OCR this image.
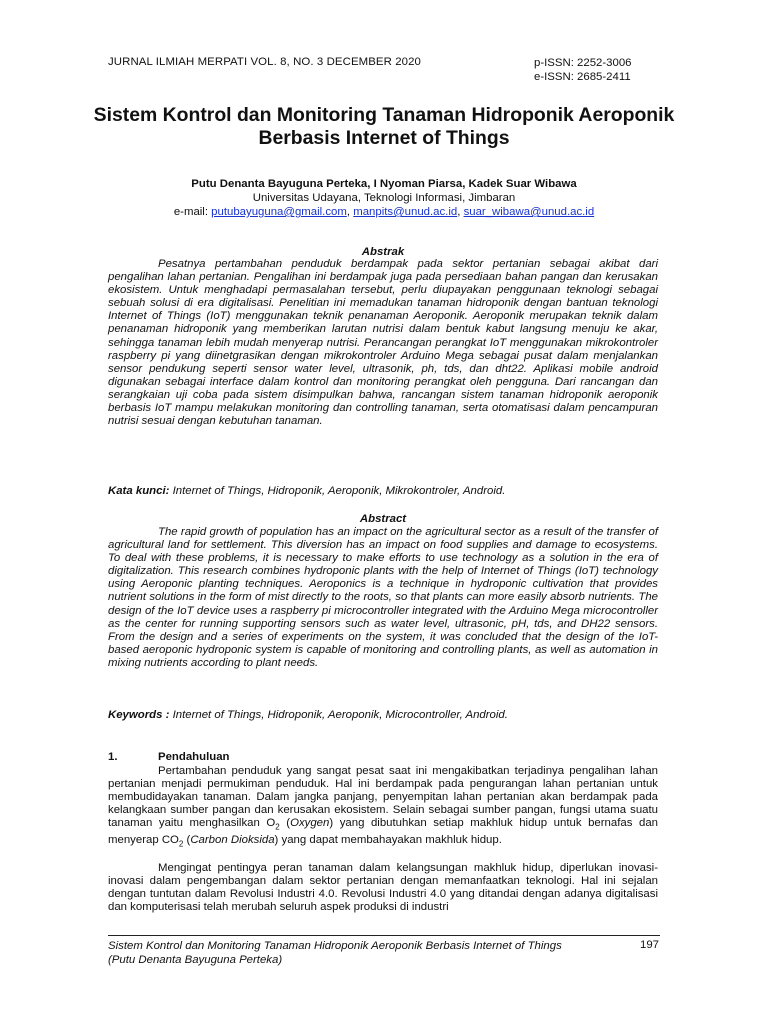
JURNAL ILMIAH MERPATI VOL. 8, NO. 3 DECEMBER 2020	p-ISSN: 2252-3006
e-ISSN: 2685-2411
Sistem Kontrol dan Monitoring Tanaman Hidroponik Aeroponik Berbasis Internet of Things
Putu Denanta Bayuguna Perteka, I Nyoman Piarsa, Kadek Suar Wibawa
Universitas Udayana, Teknologi Informasi, Jimbaran
e-mail: putubayuguna@gmail.com, manpits@unud.ac.id, suar_wibawa@unud.ac.id
Abstrak

Pesatnya pertambahan penduduk berdampak pada sektor pertanian sebagai akibat dari pengalihan lahan pertanian. Pengalihan ini berdampak juga pada persediaan bahan pangan dan kerusakan ekosistem. Untuk menghadapi permasalahan tersebut, perlu diupayakan penggunaan teknologi sebagai sebuah solusi di era digitalisasi. Penelitian ini memadukan tanaman hidroponik dengan bantuan teknologi Internet of Things (IoT) menggunakan teknik penanaman Aeroponik. Aeroponik merupakan teknik dalam penanaman hidroponik yang memberikan larutan nutrisi dalam bentuk kabut langsung menuju ke akar, sehingga tanaman lebih mudah menyerap nutrisi. Perancangan perangkat IoT menggunakan mikrokontroler raspberry pi yang diinetgrasikan dengan mikrokontroler Arduino Mega sebagai pusat dalam menjalankan sensor pendukung seperti sensor water level, ultrasonik, ph, tds, dan dht22. Aplikasi mobile android digunakan sebagai interface dalam kontrol dan monitoring perangkat oleh pengguna. Dari rancangan dan serangkaian uji coba pada sistem disimpulkan bahwa, rancangan sistem tanaman hidroponik aeroponik berbasis IoT mampu melakukan monitoring dan controlling tanaman, serta otomatisasi dalam pencampuran nutrisi sesuai dengan kebutuhan tanaman.

Kata kunci: Internet of Things, Hidroponik, Aeroponik, Mikrokontroler, Android.
Abstract

The rapid growth of population has an impact on the agricultural sector as a result of the transfer of agricultural land for settlement. This diversion has an impact on food supplies and damage to ecosystems. To deal with these problems, it is necessary to make efforts to use technology as a solution in the era of digitalization. This research combines hydroponic plants with the help of Internet of Things (IoT) technology using Aeroponic planting techniques. Aeroponics is a technique in hydroponic cultivation that provides nutrient solutions in the form of mist directly to the roots, so that plants can more easily absorb nutrients. The design of the IoT device uses a raspberry pi microcontroller integrated with the Arduino Mega microcontroller as the center for running supporting sensors such as water level, ultrasonic, pH, tds, and DH22 sensors. From the design and a series of experiments on the system, it was concluded that the design of the IoT-based aeroponic hydroponic system is capable of monitoring and controlling plants, as well as automation in mixing nutrients according to plant needs.

Keywords : Internet of Things, Hidroponik, Aeroponik, Microcontroller, Android.
1.	Pendahuluan

Pertambahan penduduk yang sangat pesat saat ini mengakibatkan terjadinya pengalihan lahan pertanian menjadi permukiman penduduk. Hal ini berdampak pada pengurangan lahan pertanian untuk membudidayakan tanaman. Dalam jangka panjang, penyempitan lahan pertanian akan berdampak pada kelangkaan sumber pangan dan kerusakan ekosistem. Selain sebagai sumber pangan, fungsi utama suatu tanaman yaitu menghasilkan $O_2$ (Oxygen) yang dibutuhkan setiap makhluk hidup untuk bernafas dan menyerap $CO_2$ (Carbon Dioksida) yang dapat membahayakan makhluk hidup.

Mengingat pentingya peran tanaman dalam kelangsungan makhluk hidup, diperlukan inovasi-inovasi dalam pengembangan dalam sektor pertanian dengan memanfaatkan teknologi. Hal ini sejalan dengan tuntutan dalam Revolusi Industri 4.0. Revolusi Industri 4.0 yang ditandai dengan adanya digitalisasi dan komputerisasi telah merubah seluruh aspek produksi di industri

Sistem Kontrol dan Monitoring Tanaman Hidroponik Aeroponik Berbasis Internet of Things
(Putu Denanta Bayuguna Perteka)
197
